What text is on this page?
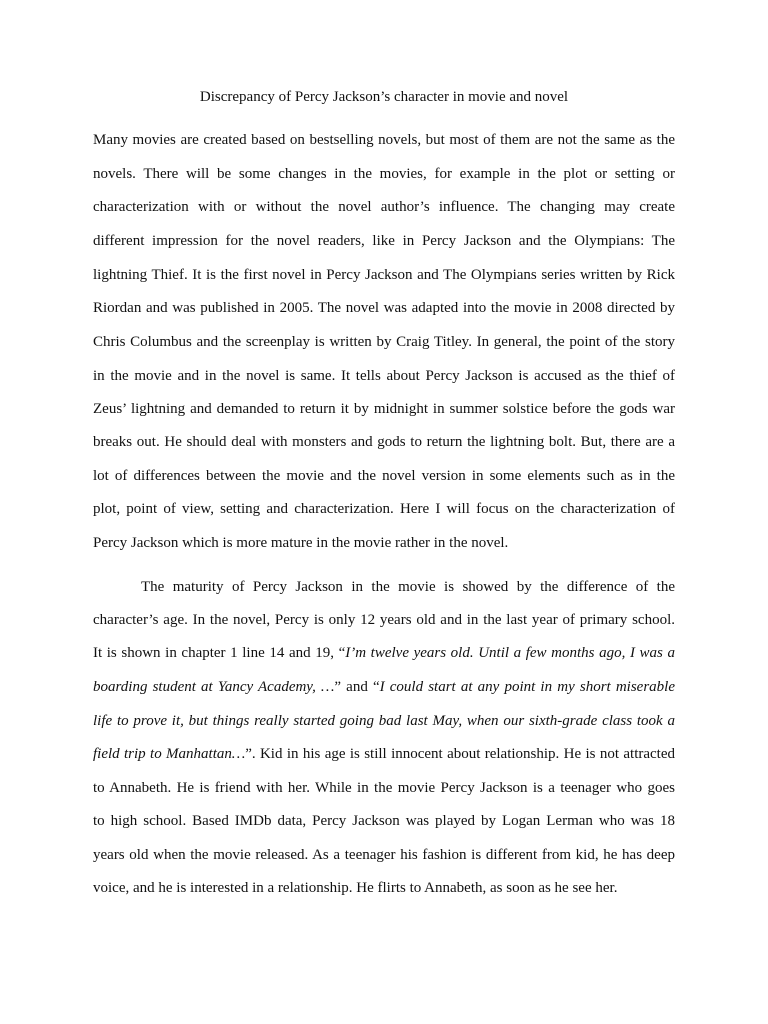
Discrepancy of Percy Jackson’s character in movie and novel
Many movies are created based on bestselling novels, but most of them are not the same as the
novels. There will be some changes in the movies, for example in the plot or setting or
characterization with or without the novel author’s influence. The changing may create
different impression for the novel readers, like in Percy Jackson and the Olympians: The
lightning Thief. It is the first novel in Percy Jackson and The Olympians series written by Rick
Riordan and was published in 2005. The novel was adapted into the movie in 2008 directed by
Chris Columbus and the screenplay is written by Craig Titley. In general, the point of the story
in the movie and in the novel is same. It tells about Percy Jackson is accused as the thief of
Zeus’ lightning and demanded to return it by midnight in summer solstice before the gods war
breaks out. He should deal with monsters and gods to return the lightning bolt. But, there are a
lot of differences between the movie and the novel version in some elements such as in the
plot, point of view, setting and characterization. Here I will focus on the characterization of
Percy Jackson which is more mature in the movie rather in the novel.
The maturity of Percy Jackson in the movie is showed by the difference of the
character’s age. In the novel, Percy is only 12 years old and in the last year of primary school.
It is shown in chapter 1 line 14 and 19, “I’m twelve years old. Until a few months ago, I was a
boarding student at Yancy Academy, …” and “I could start at any point in my short miserable
life to prove it, but things really started going bad last May, when our sixth-grade class took a
field trip to Manhattan…”. Kid in his age is still innocent about relationship. He is not attracted
to Annabeth. He is friend with her. While in the movie Percy Jackson is a teenager who goes
to high school. Based IMDb data, Percy Jackson was played by Logan Lerman who was 18
years old when the movie released. As a teenager his fashion is different from kid, he has deep
voice, and he is interested in a relationship. He flirts to Annabeth, as soon as he see her.
